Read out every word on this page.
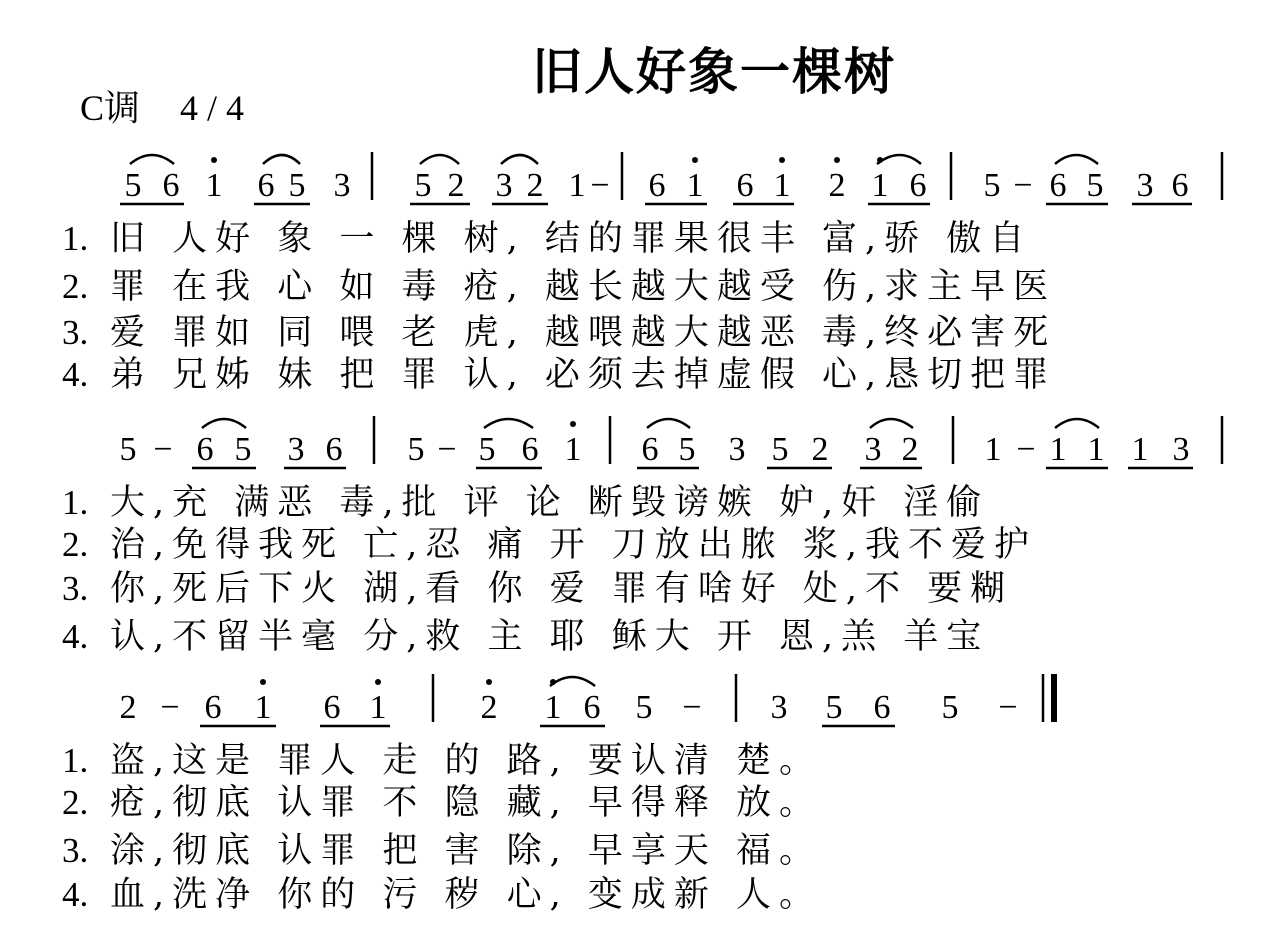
旧人好象一棵树
C调 4 / 4
5 6 1 6 5 3 5 2 3 2 1 − 6 1 6 1 2 1 6 5 − 6 5 3 6
1. 旧 人好 象 一 棵 树, 结的罪果很丰 富,骄 傲自
2. 罪 在我 心 如 毒 疮, 越长越大越受 伤,求主早医
3. 爱 罪如 同 喂 老 虎, 越喂越大越恶 毒,终必害死
4. 弟 兄姊 妹 把 罪 认, 必须去掉虚假 心,恳切把罪
5 − 6 5 3 6 5 − 5 6 1 6 5 3 5 2 3 2 1 − 1 1 1 3
1. 大,充 满恶 毒,批 评 论 断毁谤嫉 妒,奸 淫偷
2. 治,免得我死 亡,忍 痛 开 刀放出脓 浆,我不爱护
3. 你,死后下火 湖,看 你 爱 罪有啥好 处,不 要糊
4. 认,不留半毫 分,救 主 耶 稣大 开 恩,羔 羊宝
2 − 6 1 6 1	2 1 6 5 − 3 5 6 5 −
1. 盗,这是 罪人 走 的 路, 要认清 楚。
2. 疮,彻底 认罪 不 隐 藏, 早得释 放。
3. 涂,彻底 认罪 把 害 除, 早享天 福。
4. 血,洗净 你的 污 秽 心, 变成新 人。
